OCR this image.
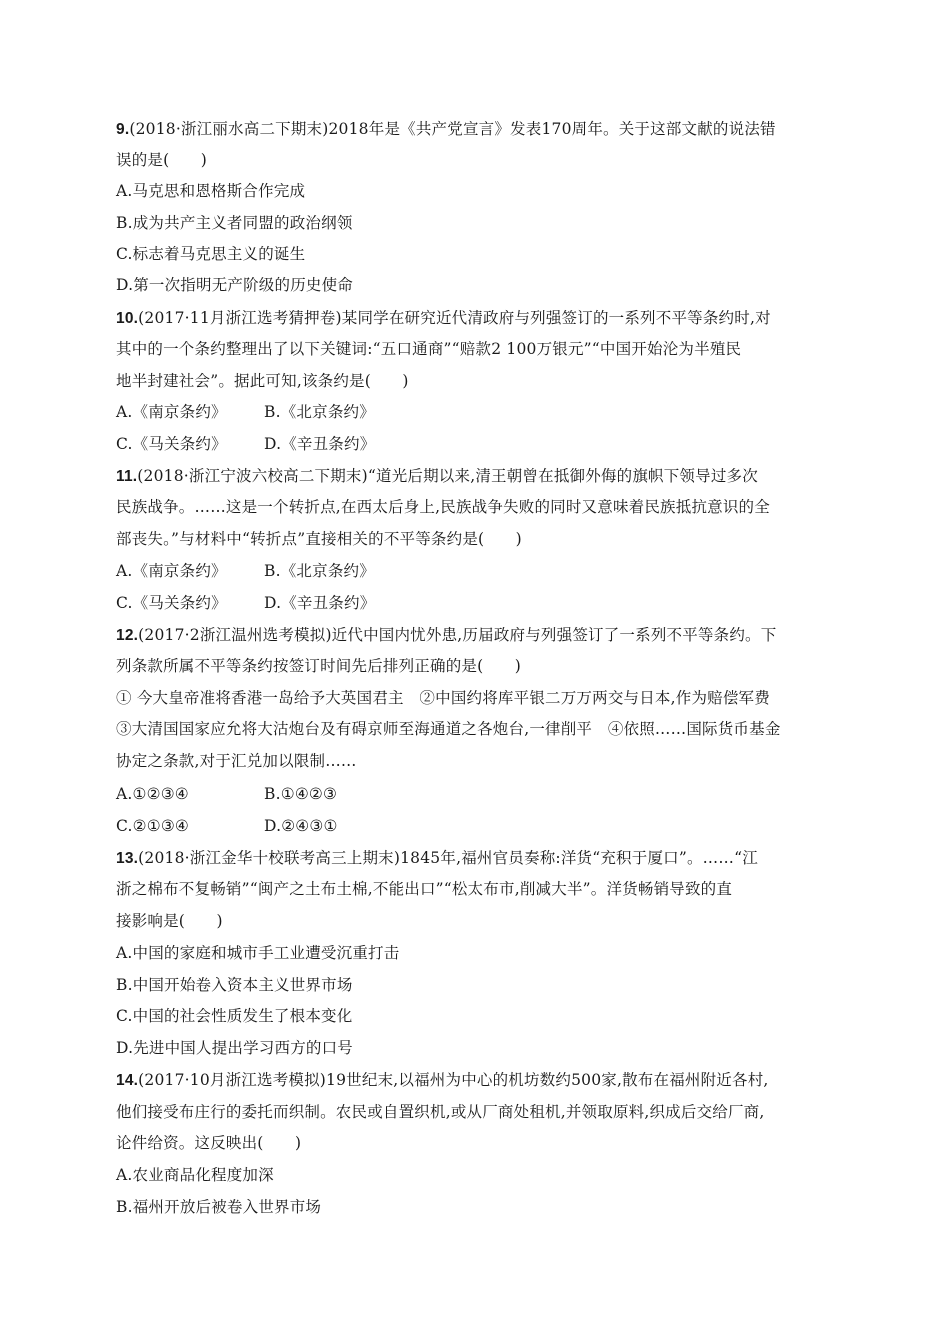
9.(2018·浙江丽水高二下期末)2018年是《共产党宣言》发表170周年。关于这部文献的说法错
误的是(　　)
A.马克思和恩格斯合作完成
B.成为共产主义者同盟的政治纲领
C.标志着马克思主义的诞生
D.第一次指明无产阶级的历史使命
10.(2017·11月浙江选考猜押卷)某同学在研究近代清政府与列强签订的一系列不平等条约时,对
其中的一个条约整理出了以下关键词:“五口通商”“赔款2 100万银元”“中国开始沦为半殖民
地半封建社会”。据此可知,该条约是(　　)
A.《南京条约》 B.《北京条约》
C.《马关条约》 D.《辛丑条约》
11.(2018·浙江宁波六校高二下期末)“道光后期以来,清王朝曾在抵御外侮的旗帜下领导过多次
民族战争。……这是一个转折点,在西太后身上,民族战争失败的同时又意味着民族抵抗意识的全
部丧失。”与材料中“转折点”直接相关的不平等条约是(　　)
A.《南京条约》 B.《北京条约》
C.《马关条约》 D.《辛丑条约》
12.(2017·2浙江温州选考模拟)近代中国内忧外患,历届政府与列强签订了一系列不平等条约。下
列条款所属不平等条约按签订时间先后排列正确的是(　　)
① 今大皇帝准将香港一岛给予大英国君主　②中国约将库平银二万万两交与日本,作为赔偿军费
③大清国国家应允将大沽炮台及有碍京师至海通道之各炮台,一律削平　④依照……国际货币基金
协定之条款,对于汇兑加以限制……
A.①②③④	B.①④②③
C.②①③④	D.②④③①
13.(2018·浙江金华十校联考高三上期末)1845年,福州官员奏称:洋货“充积于厦口”。……“江
浙之棉布不复畅销”“闽产之土布土棉,不能出口”“松太布市,削减大半”。洋货畅销导致的直
接影响是(　　)
A.中国的家庭和城市手工业遭受沉重打击
B.中国开始卷入资本主义世界市场
C.中国的社会性质发生了根本变化
D.先进中国人提出学习西方的口号
14.(2017·10月浙江选考模拟)19世纪末,以福州为中心的机坊数约500家,散布在福州附近各村,
他们接受布庄行的委托而织制。农民或自置织机,或从厂商处租机,并领取原料,织成后交给厂商,
论件给资。这反映出(　　)
A.农业商品化程度加深
B.福州开放后被卷入世界市场
